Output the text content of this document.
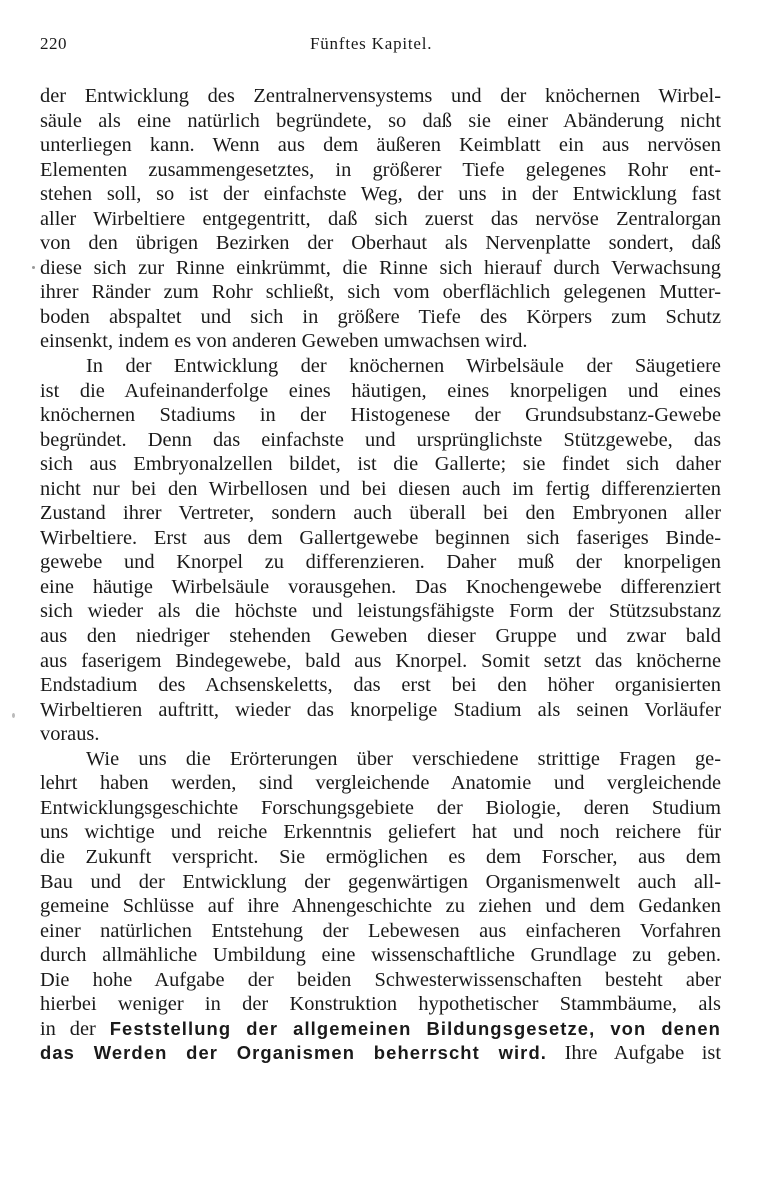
220	Fünftes Kapitel.

der Entwicklung des Zentralnervensystems und der knöchernen Wirbel-
säule als eine natürlich begründete, so daß sie einer Abänderung nicht
unterliegen kann. Wenn aus dem äußeren Keimblatt ein aus nervösen
Elementen zusammengesetztes, in größerer Tiefe gelegenes Rohr ent-
stehen soll, so ist der einfachste Weg, der uns in der Entwicklung fast
aller Wirbeltiere entgegentritt, daß sich zuerst das nervöse Zentralorgan
von den übrigen Bezirken der Oberhaut als Nervenplatte sondert, daß
diese sich zur Rinne einkrümmt, die Rinne sich hierauf durch Verwachsung
ihrer Ränder zum Rohr schließt, sich vom oberflächlich gelegenen Mutter-
boden abspaltet und sich in größere Tiefe des Körpers zum Schutz
einsenkt, indem es von anderen Geweben umwachsen wird.

In der Entwicklung der knöchernen Wirbelsäule der Säugetiere
ist die Aufeinanderfolge eines häutigen, eines knorpeligen und eines
knöchernen Stadiums in der Histogenese der Grundsubstanz-Gewebe
begründet. Denn das einfachste und ursprünglichste Stützgewebe, das
sich aus Embryonalzellen bildet, ist die Gallerte; sie findet sich daher
nicht nur bei den Wirbellosen und bei diesen auch im fertig differenzierten
Zustand ihrer Vertreter, sondern auch überall bei den Embryonen aller
Wirbeltiere. Erst aus dem Gallertgewebe beginnen sich faseriges Binde-
gewebe und Knorpel zu differenzieren. Daher muß der knorpeligen
eine häutige Wirbelsäule vorausgehen. Das Knochengewebe differenziert
sich wieder als die höchste und leistungsfähigste Form der Stützsubstanz
aus den niedriger stehenden Geweben dieser Gruppe und zwar bald
aus faserigem Bindegewebe, bald aus Knorpel. Somit setzt das knöcherne
Endstadium des Achsenskeletts, das erst bei den höher organisierten
Wirbeltieren auftritt, wieder das knorpelige Stadium als seinen Vorläufer
voraus.

Wie uns die Erörterungen über verschiedene strittige Fragen ge-
lehrt haben werden, sind vergleichende Anatomie und vergleichende
Entwicklungsgeschichte Forschungsgebiete der Biologie, deren Studium
uns wichtige und reiche Erkenntnis geliefert hat und noch reichere für
die Zukunft verspricht. Sie ermöglichen es dem Forscher, aus dem
Bau und der Entwicklung der gegenwärtigen Organismenwelt auch all-
gemeine Schlüsse auf ihre Ahnengeschichte zu ziehen und dem Gedanken
einer natürlichen Entstehung der Lebewesen aus einfacheren Vorfahren
durch allmähliche Umbildung eine wissenschaftliche Grundlage zu geben.
Die hohe Aufgabe der beiden Schwesterwissenschaften besteht aber
hierbei weniger in der Konstruktion hypothetischer Stammbäume, als
in der Feststellung der allgemeinen Bildungsgesetze, von denen
das Werden der Organismen beherrscht wird. Ihre Aufgabe ist
